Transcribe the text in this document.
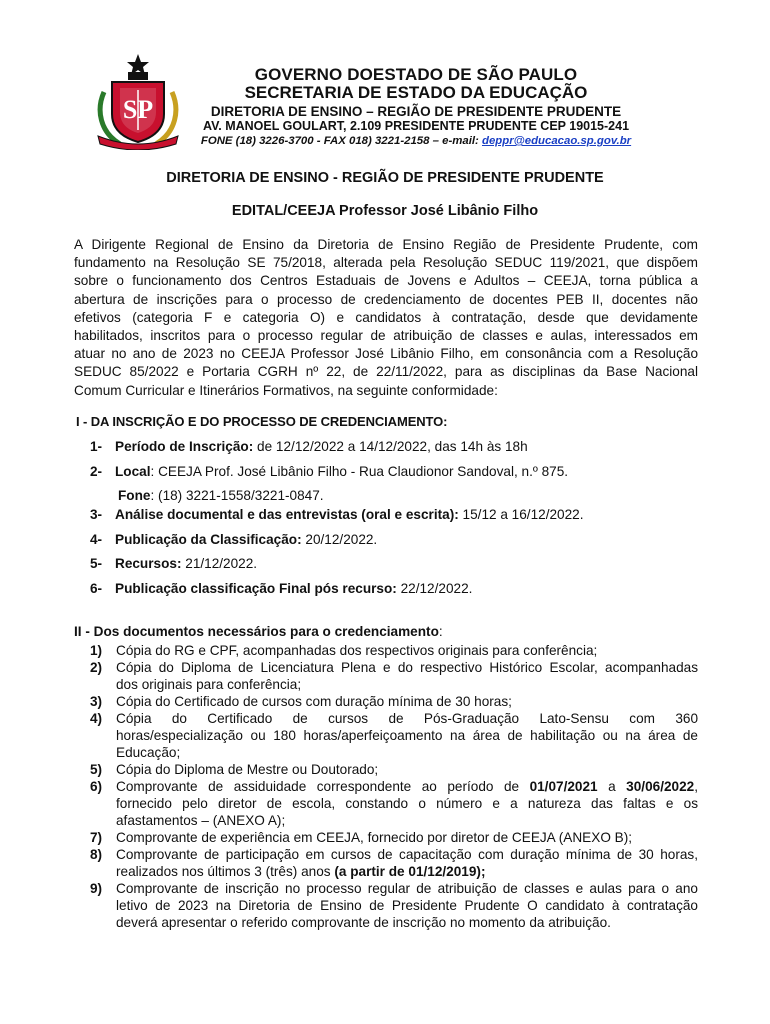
SP
GOVERNO DOESTADO DE SÃO PAULO
SECRETARIA DE ESTADO DA EDUCAÇÃO
DIRETORIA DE ENSINO – REGIÃO DE PRESIDENTE PRUDENTE
AV. MANOEL GOULART, 2.109 PRESIDENTE PRUDENTE CEP 19015-241
FONE (18) 3226-3700 - FAX 018) 3221-2158 – e-mail: deppr@educacao.sp.gov.br
DIRETORIA DE ENSINO - REGIÃO DE PRESIDENTE PRUDENTE
EDITAL/CEEJA Professor José Libânio Filho

A Dirigente Regional de Ensino da Diretoria de Ensino Região de Presidente Prudente, com

fundamento na Resolução SE 75/2018, alterada pela Resolução SEDUC 119/2021, que dispõem

sobre o funcionamento dos Centros Estaduais de Jovens e Adultos – CEEJA, torna pública a

abertura de inscrições para o processo de credenciamento de docentes PEB II, docentes não

efetivos (categoria F e categoria O) e candidatos à contratação, desde que devidamente

habilitados, inscritos para o processo regular de atribuição de classes e aulas, interessados em

atuar no ano de 2023 no CEEJA Professor José Libânio Filho, em consonância com a Resolução

SEDUC 85/2022 e Portaria CGRH nº 22, de 22/11/2022, para as disciplinas da Base Nacional

Comum Curricular e Itinerários Formativos, na seguinte conformidade:

I - DA INSCRIÇÃO E DO PROCESSO DE CREDENCIAMENTO:
1- Período de Inscrição: de 12/12/2022 a 14/12/2022, das 14h às 18h
2- Local: CEEJA Prof. José Libânio Filho - Rua Claudionor Sandoval, n.º 875.
Fone: (18) 3221-1558/3221-0847.
3- Análise documental e das entrevistas (oral e escrita): 15/12 a 16/12/2022.
4- Publicação da Classificação: 20/12/2022.
5- Recursos: 21/12/2022.
6- Publicação classificação Final pós recurso: 22/12/2022.
II - Dos documentos necessários para o credenciamento:
1) Cópia do RG e CPF, acompanhadas dos respectivos originais para conferência;
2) Cópia do Diploma de Licenciatura Plena e do respectivo Histórico Escolar, acompanhadas

dos originais para conferência;

3) Cópia do Certificado de cursos com duração mínima de 30 horas;
4) Cópia do Certificado de cursos de Pós-Graduação Lato-Sensu com 360

horas/especialização ou 180 horas/aperfeiçoamento na área de habilitação ou na área de

Educação;

5) Cópia do Diploma de Mestre ou Doutorado;
6) Comprovante de assiduidade correspondente ao período de 01/07/2021 a 30/06/2022,

fornecido pelo diretor de escola, constando o número e a natureza das faltas e os

afastamentos – (ANEXO A);

7) Comprovante de experiência em CEEJA, fornecido por diretor de CEEJA (ANEXO B);
8) Comprovante de participação em cursos de capacitação com duração mínima de 30 horas,

realizados nos últimos 3 (três) anos (a partir de 01/12/2019);

9) Comprovante de inscrição no processo regular de atribuição de classes e aulas para o ano

letivo de 2023 na Diretoria de Ensino de Presidente Prudente O candidato à contratação

deverá apresentar o referido comprovante de inscrição no momento da atribuição.
